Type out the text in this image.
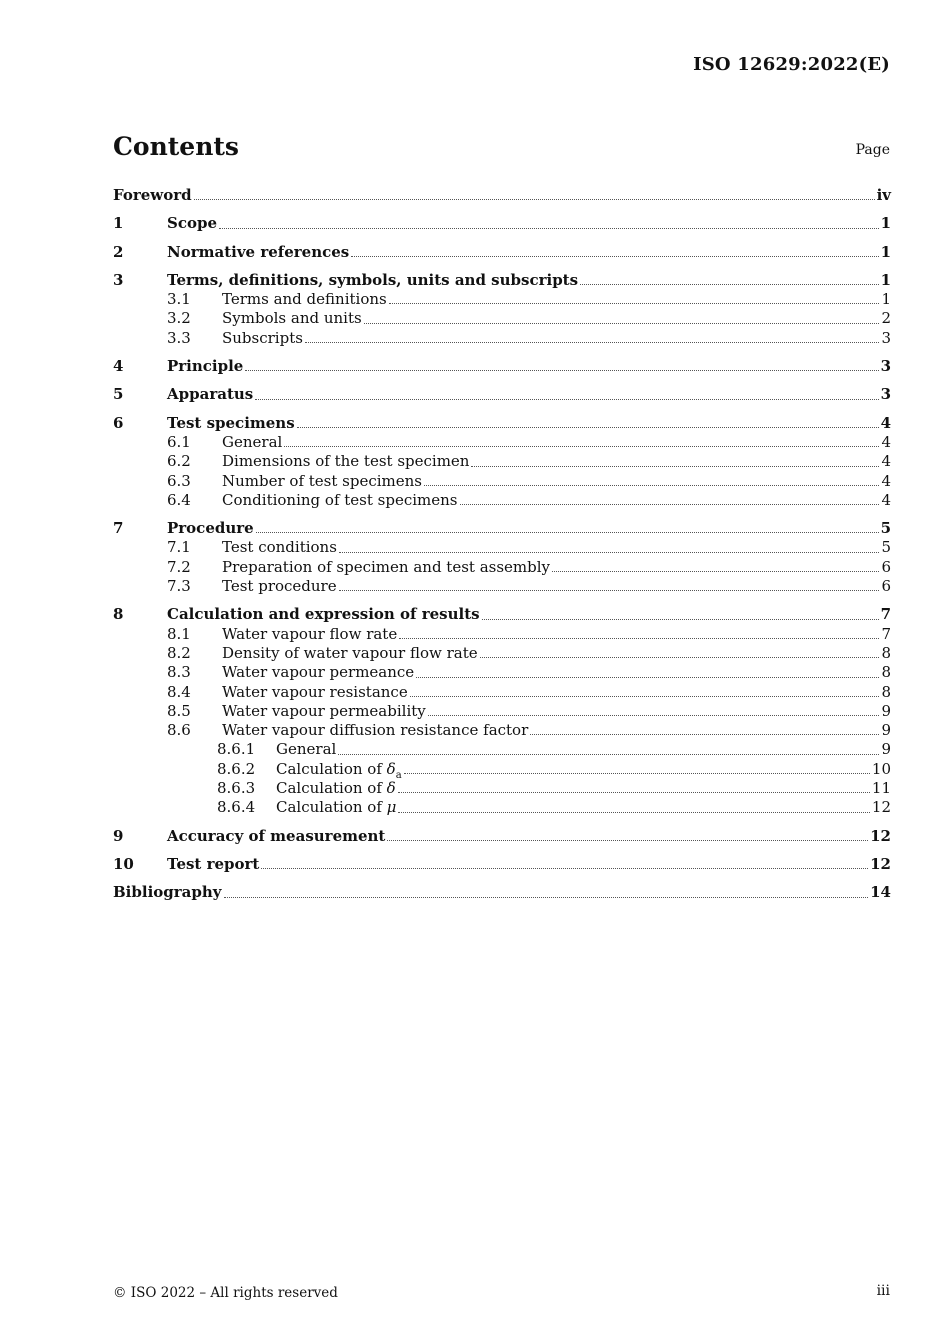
ISO 12629:2022(E)
Contents	Page
Foreword	iv
1	Scope	1
2	Normative references	1
3	Terms, definitions, symbols, units and subscripts	1
3.1	Terms and definitions	1
3.2	Symbols and units	2
3.3	Subscripts	3
4	Principle	3
5	Apparatus	3
6	Test specimens	4
6.1	General	4
6.2	Dimensions of the test specimen	4
6.3	Number of test specimens	4
6.4	Conditioning of test specimens	4
7	Procedure	5
7.1	Test conditions	5
7.2	Preparation of specimen and test assembly	6
7.3	Test procedure	6
8	Calculation and expression of results	7
8.1	Water vapour flow rate	7
8.2	Density of water vapour flow rate	8
8.3	Water vapour permeance	8
8.4	Water vapour resistance	8
8.5	Water vapour permeability	9
8.6	Water vapour diffusion resistance factor	9
8.6.1	General	9
8.6.2	Calculation of $\delta_a$	10
8.6.3	Calculation of δ	11
8.6.4	Calculation of μ	12
9	Accuracy of measurement	12
10	Test report	12
Bibliography	14
© ISO 2022 – All rights reserved	iii
